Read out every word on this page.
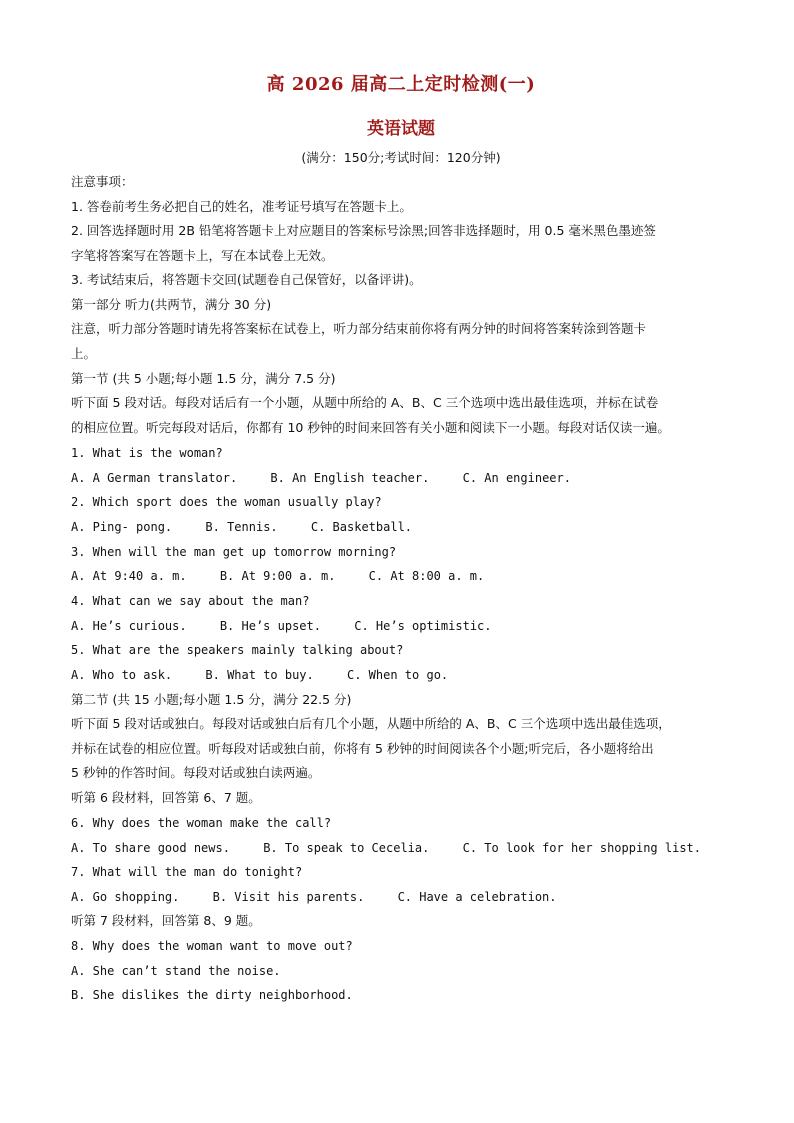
高 2026 届高二上定时检测(一)
英语试题
(满分：150分;考试时间：120分钟)
注意事项：
1. 答卷前考生务必把自己的姓名，准考证号填写在答题卡上。
2. 回答选择题时用 2B 铅笔将答题卡上对应题目的答案标号涂黑;回答非选择题时，用 0.5 毫米黑色墨迹签
字笔将答案写在答题卡上，写在本试卷上无效。
3. 考试结束后，将答题卡交回(试题卷自己保管好，以备评讲)。
第一部分 听力(共两节，满分 30 分)
注意，听力部分答题时请先将答案标在试卷上，听力部分结束前你将有两分钟的时间将答案转涂到答题卡
上。
第一节 (共 5 小题;每小题 1.5 分，满分 7.5 分)
听下面 5 段对话。每段对话后有一个小题，从题中所给的 A、B、C 三个选项中选出最佳选项，并标在试卷
的相应位置。听完每段对话后，你都有 10 秒钟的时间来回答有关小题和阅读下一小题。每段对话仅读一遍。
1. What is the woman?
A. A German translator.	B. An English teacher.	C. An engineer.
2. Which sport does the woman usually play?
A. Ping- pong.	B. Tennis.	C. Basketball.
3. When will the man get up tomorrow morning?
A. At 9:40 a. m.	B. At 9:00 a. m.	C. At 8:00 a. m.
4. What can we say about the man?
A. He’s curious.	B. He’s upset.	C. He’s optimistic.
5. What are the speakers mainly talking about?
A. Who to ask.	B. What to buy.	C. When to go.
第二节 (共 15 小题;每小题 1.5 分，满分 22.5 分)
听下面 5 段对话或独白。每段对话或独白后有几个小题，从题中所给的 A、B、C 三个选项中选出最佳选项，
并标在试卷的相应位置。听每段对话或独白前，你将有 5 秒钟的时间阅读各个小题;听完后，各小题将给出
5 秒钟的作答时间。每段对话或独白读两遍。
听第 6 段材料，回答第 6、7 题。
6. Why does the woman make the call?
A. To share good news.	B. To speak to Cecelia.	C. To look for her shopping list.
7. What will the man do tonight?
A. Go shopping.	B. Visit his parents.	C. Have a celebration.
听第 7 段材料，回答第 8、9 题。
8. Why does the woman want to move out?
A. She can’t stand the noise.
B. She dislikes the dirty neighborhood.
